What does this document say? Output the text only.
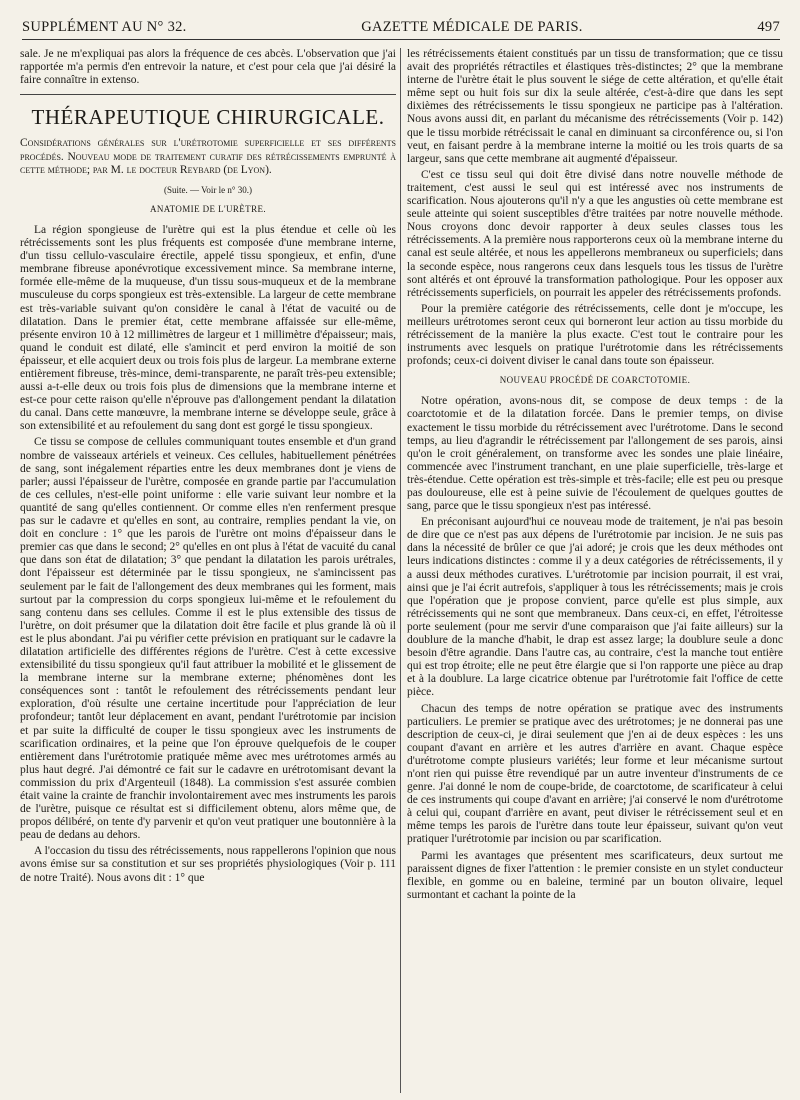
SUPPLÉMENT AU N° 32.	GAZETTE MÉDICALE DE PARIS.	497

sale. Je ne m'expliquai pas alors la fréquence de ces abcès. L'observation que j'ai rapportée m'a permis d'en entrevoir la nature, et c'est pour cela que j'ai désiré la faire connaître in extenso.

THÉRAPEUTIQUE CHIRURGICALE.
Considérations générales sur l'urétrotomie superficielle et ses différents procédés. Nouveau mode de traitement curatif des rétrécissements emprunté à cette méthode; par M. le docteur Reybard (de Lyon).
(Suite. — Voir le n° 30.)
ANATOMIE DE L'URÈTRE.

La région spongieuse de l'urètre qui est la plus étendue et celle où les rétrécissements sont les plus fréquents est composée d'une membrane interne, d'un tissu cellulo-vasculaire érectile, appelé tissu spongieux, et enfin, d'une membrane fibreuse aponévrotique excessivement mince. Sa membrane interne, formée elle-même de la muqueuse, d'un tissu sous-muqueux et de la membrane musculeuse du corps spongieux est très-extensible. La largeur de cette membrane est très-variable suivant qu'on considère le canal à l'état de vacuité ou de dilatation. Dans le premier état, cette membrane affaissée sur elle-même, présente environ 10 à 12 millimètres de largeur et 1 millimètre d'épaisseur; mais, quand le conduit est dilaté, elle s'amincit et perd environ la moitié de son épaisseur, et elle acquiert deux ou trois fois plus de largeur. La membrane externe entièrement fibreuse, très-mince, demi-transparente, ne paraît très-peu extensible; aussi a-t-elle deux ou trois fois plus de dimensions que la membrane interne et est-ce pour cette raison qu'elle n'éprouve pas d'allongement pendant la dilatation du canal. Dans cette manœuvre, la membrane interne se développe seule, grâce à son extensibilité et au refoulement du sang dont est gorgé le tissu spongieux.

Ce tissu se compose de cellules communiquant toutes ensemble et d'un grand nombre de vaisseaux artériels et veineux. Ces cellules, habituellement pénétrées de sang, sont inégalement réparties entre les deux membranes dont je viens de parler; aussi l'épaisseur de l'urètre, composée en grande partie par l'accumulation de ces cellules, n'est-elle point uniforme : elle varie suivant leur nombre et la quantité de sang qu'elles contiennent. Or comme elles n'en renferment presque pas sur le cadavre et qu'elles en sont, au contraire, remplies pendant la vie, on doit en conclure : 1° que les parois de l'urètre ont moins d'épaisseur dans le premier cas que dans le second; 2° qu'elles en ont plus à l'état de vacuité du canal que dans son état de dilatation; 3° que pendant la dilatation les parois urétrales, dont l'épaisseur est déterminée par le tissu spongieux, ne s'amincissent pas seulement par le fait de l'allongement des deux membranes qui les forment, mais surtout par la compression du corps spongieux lui-même et le refoulement du sang contenu dans ses cellules. Comme il est le plus extensible des tissus de l'urètre, on doit présumer que la dilatation doit être facile et plus grande là où il est le plus abondant. J'ai pu vérifier cette prévision en pratiquant sur le cadavre la dilatation artificielle des différentes régions de l'urètre. C'est à cette excessive extensibilité du tissu spongieux qu'il faut attribuer la mobilité et le glissement de la membrane interne sur la membrane externe; phénomènes dont les conséquences sont : tantôt le refoulement des rétrécissements pendant leur exploration, d'où résulte une certaine incertitude pour l'appréciation de leur profondeur; tantôt leur déplacement en avant, pendant l'urétrotomie par incision et par suite la difficulté de couper le tissu spongieux avec les instruments de scarification ordinaires, et la peine que l'on éprouve quelquefois de le couper entièrement dans l'urétrotomie pratiquée même avec mes urétrotomes armés au plus haut degré. J'ai démontré ce fait sur le cadavre en urétrotomisant devant la commission du prix d'Argenteuil (1848). La commission s'est assurée combien était vaine la crainte de franchir involontairement avec mes instruments les parois de l'urètre, puisque ce résultat est si difficilement obtenu, alors même que, de propos délibéré, on tente d'y parvenir et qu'on veut pratiquer une boutonnière à la peau de dedans au dehors.

A l'occasion du tissu des rétrécissements, nous rappellerons l'opinion que nous avons émise sur sa constitution et sur ses propriétés physiologiques (Voir p. 111 de notre Traité). Nous avons dit : 1° que

les rétrécissements étaient constitués par un tissu de transformation; que ce tissu avait des propriétés rétractiles et élastiques très-distinctes; 2° que la membrane interne de l'urètre était le plus souvent le siége de cette altération, et qu'elle était même sept ou huit fois sur dix la seule altérée, c'est-à-dire que dans les sept dixièmes des rétrécissements le tissu spongieux ne participe pas à l'altération. Nous avons aussi dit, en parlant du mécanisme des rétrécissements (Voir p. 142) que le tissu morbide rétrécissait le canal en diminuant sa circonférence ou, si l'on veut, en faisant perdre à la membrane interne la moitié ou les trois quarts de sa largeur, sans que cette membrane ait augmenté d'épaisseur.

C'est ce tissu seul qui doit être divisé dans notre nouvelle méthode de traitement, c'est aussi le seul qui est intéressé avec nos instruments de scarification. Nous ajouterons qu'il n'y a que les angusties où cette membrane est seule atteinte qui soient susceptibles d'être traitées par notre nouvelle méthode. Nous croyons donc devoir rapporter à deux seules classes tous les rétrécissements. A la première nous rapporterons ceux où la membrane interne du canal est seule altérée, et nous les appellerons membraneux ou superficiels; dans la seconde espèce, nous rangerons ceux dans lesquels tous les tissus de l'urètre sont altérés et ont éprouvé la transformation pathologique. Pour les opposer aux rétrécissements superficiels, on pourrait les appeler des rétrécissements profonds.

Pour la première catégorie des rétrécissements, celle dont je m'occupe, les meilleurs urétrotomes seront ceux qui borneront leur action au tissu morbide du rétrécissement de la manière la plus exacte. C'est tout le contraire pour les instruments avec lesquels on pratique l'urétrotomie dans les rétrécissements profonds; ceux-ci doivent diviser le canal dans toute son épaisseur.

NOUVEAU PROCÉDÉ DE COARCTOTOMIE.

Notre opération, avons-nous dit, se compose de deux temps : de la coarctotomie et de la dilatation forcée. Dans le premier temps, on divise exactement le tissu morbide du rétrécissement avec l'urétrotome. Dans le second temps, au lieu d'agrandir le rétrécissement par l'allongement de ses parois, ainsi qu'on le croit généralement, on transforme avec les sondes une plaie linéaire, commencée avec l'instrument tranchant, en une plaie superficielle, très-large et très-étendue. Cette opération est très-simple et très-facile; elle est peu ou presque pas douloureuse, elle est à peine suivie de l'écoulement de quelques gouttes de sang, parce que le tissu spongieux n'est pas intéressé.

En préconisant aujourd'hui ce nouveau mode de traitement, je n'ai pas besoin de dire que ce n'est pas aux dépens de l'urétrotomie par incision. Je ne suis pas dans la nécessité de brûler ce que j'ai adoré; je crois que les deux méthodes ont leurs indications distinctes : comme il y a deux catégories de rétrécissements, il y a aussi deux méthodes curatives. L'urétrotomie par incision pourrait, il est vrai, ainsi que je l'ai écrit autrefois, s'appliquer à tous les rétrécissements; mais je crois que l'opération que je propose convient, parce qu'elle est plus simple, aux rétrécissements qui ne sont que membraneux. Dans ceux-ci, en effet, l'étroitesse porte seulement (pour me servir d'une comparaison que j'ai faite ailleurs) sur la doublure de la manche d'habit, le drap est assez large; la doublure seule a donc besoin d'être agrandie. Dans l'autre cas, au contraire, c'est la manche tout entière qui est trop étroite; elle ne peut être élargie que si l'on rapporte une pièce au drap et à la doublure. La large cicatrice obtenue par l'urétrotomie fait l'office de cette pièce.

Chacun des temps de notre opération se pratique avec des instruments particuliers. Le premier se pratique avec des urétrotomes; je ne donnerai pas une description de ceux-ci, je dirai seulement que j'en ai de deux espèces : les uns coupant d'avant en arrière et les autres d'arrière en avant. Chaque espèce d'urétrotome compte plusieurs variétés; leur forme et leur mécanisme surtout n'ont rien qui puisse être revendiqué par un autre inventeur d'instruments de ce genre. J'ai donné le nom de coupe-bride, de coarctotome, de scarificateur à celui de ces instruments qui coupe d'avant en arrière; j'ai conservé le nom d'urétrotome à celui qui, coupant d'arrière en avant, peut diviser le rétrécissement seul et en même temps les parois de l'urètre dans toute leur épaisseur, suivant qu'on veut pratiquer l'urétrotomie par incision ou par scarification.

Parmi les avantages que présentent mes scarificateurs, deux surtout me paraissent dignes de fixer l'attention : le premier consiste en un stylet conducteur flexible, en gomme ou en baleine, terminé par un bouton olivaire, lequel surmontant et cachant la pointe de la
